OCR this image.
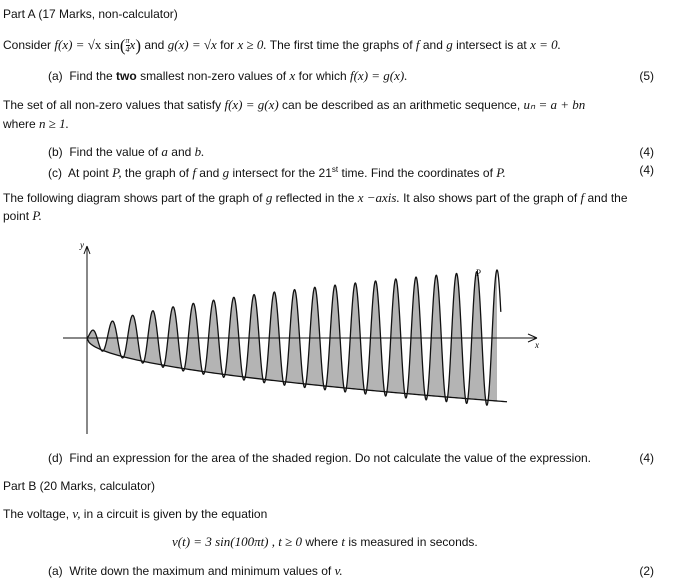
Part A (17 Marks, non-calculator)
Consider f(x) = √x $\sin( \frac{\pi}{4} x)$ and g(x) = √x for x ≥ 0. The first time the graphs of f and g intersect is at x = 0.
(a) Find the two smallest non-zero values of x for which f(x) = g(x).	(5)
The set of all non-zero values that satisfy f(x) = g(x) can be described as an arithmetic sequence, uₙ = a + bn
where n ≥ 1.
(b) Find the value of a and b.	(4)
(c) At point P, the graph of f and g intersect for the 21st time. Find the coordinates of P.	(4)
The following diagram shows part of the graph of g reflected in the x −axis. It also shows part of the graph of f and the
point P.
y
x
P
(d) Find an expression for the area of the shaded region. Do not calculate the value of the expression.	(4)
Part B (20 Marks, calculator)
The voltage, v, in a circuit is given by the equation
v(t) = 3 sin(100πt) , t ≥ 0 where t is measured in seconds.
(a) Write down the maximum and minimum values of v.	(2)
